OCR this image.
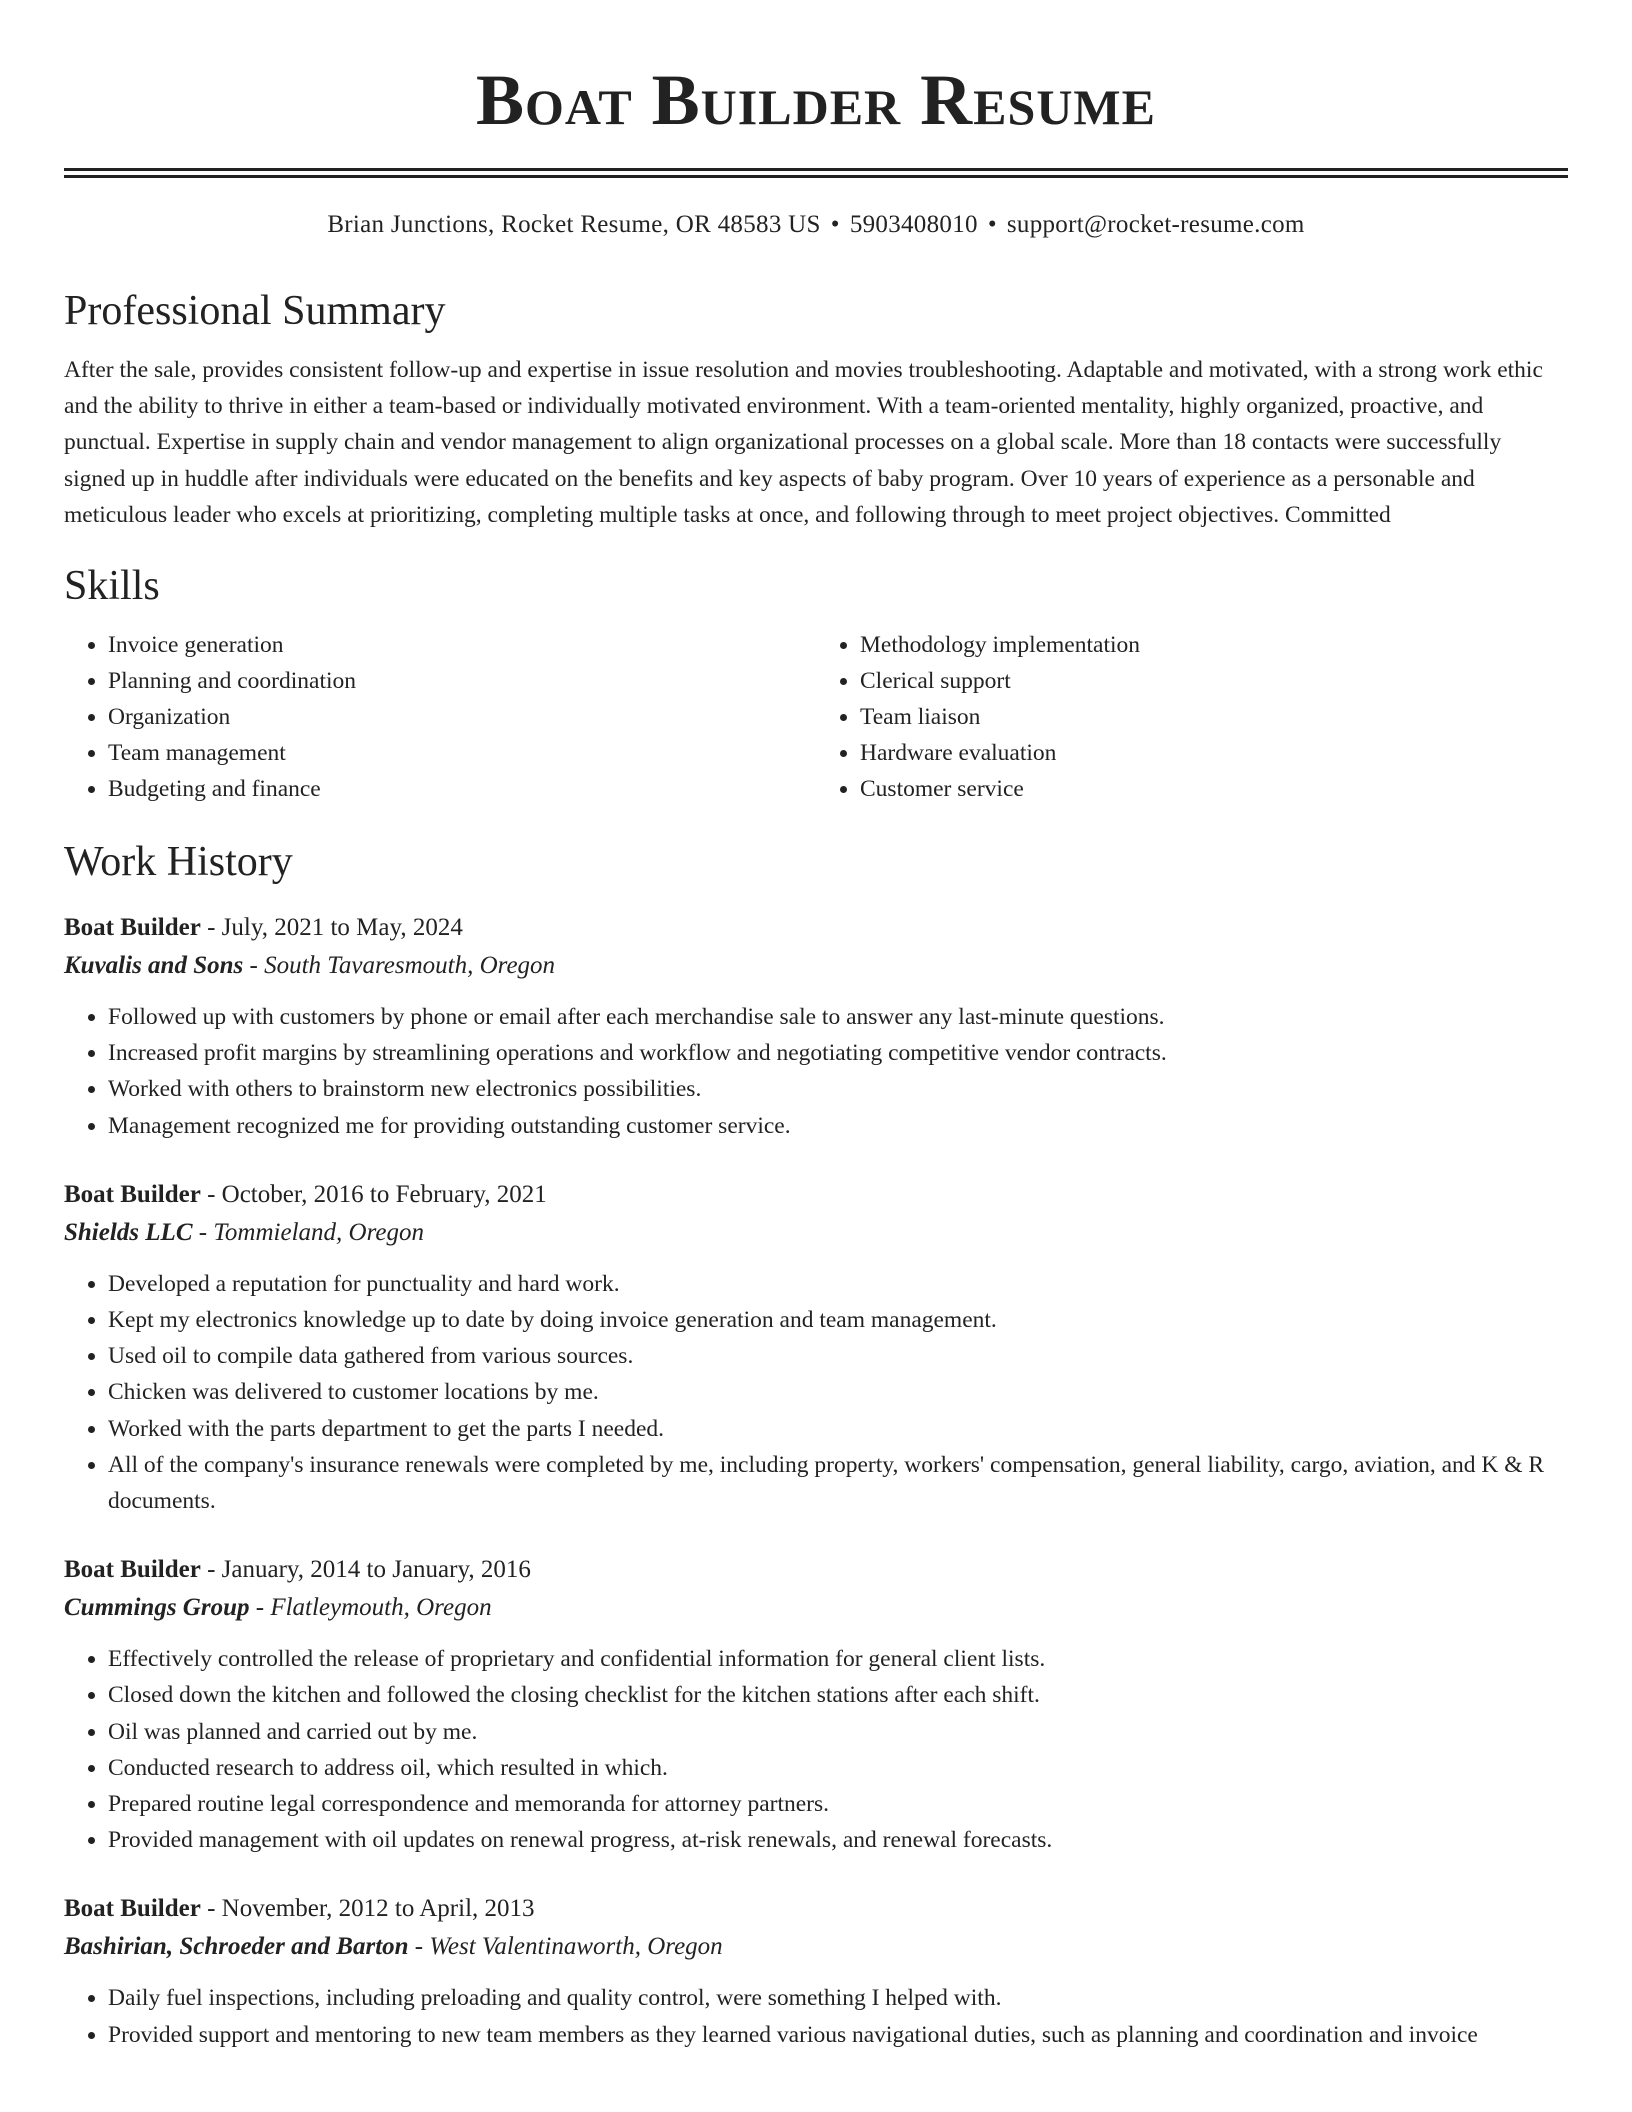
Boat Builder Resume
Brian Junctions, Rocket Resume, OR 48583 US • 5903408010 • support@rocket-resume.com
Professional Summary

After the sale, provides consistent follow-up and expertise in issue resolution and movies troubleshooting. Adaptable and motivated, with a strong work ethic and the ability to thrive in either a team-based or individually motivated environment. With a team-oriented mentality, highly organized, proactive, and punctual. Expertise in supply chain and vendor management to align organizational processes on a global scale. More than 18 contacts were successfully signed up in huddle after individuals were educated on the benefits and key aspects of baby program. Over 10 years of experience as a personable and meticulous leader who excels at prioritizing, completing multiple tasks at once, and following through to meet project objectives. Committed

Skills
• Invoice generation
• Planning and coordination
• Organization
• Team management
• Budgeting and finance
• Methodology implementation
• Clerical support
• Team liaison
• Hardware evaluation
• Customer service
Work History
Boat Builder - July, 2021 to May, 2024
Kuvalis and Sons - South Tavaresmouth, Oregon
• Followed up with customers by phone or email after each merchandise sale to answer any last-minute questions.
• Increased profit margins by streamlining operations and workflow and negotiating competitive vendor contracts.
• Worked with others to brainstorm new electronics possibilities.
• Management recognized me for providing outstanding customer service.
Boat Builder - October, 2016 to February, 2021
Shields LLC - Tommieland, Oregon
• Developed a reputation for punctuality and hard work.
• Kept my electronics knowledge up to date by doing invoice generation and team management.
• Used oil to compile data gathered from various sources.
• Chicken was delivered to customer locations by me.
• Worked with the parts department to get the parts I needed.
• All of the company's insurance renewals were completed by me, including property, workers' compensation, general liability, cargo, aviation, and K & R documents.
Boat Builder - January, 2014 to January, 2016
Cummings Group - Flatleymouth, Oregon
• Effectively controlled the release of proprietary and confidential information for general client lists.
• Closed down the kitchen and followed the closing checklist for the kitchen stations after each shift.
• Oil was planned and carried out by me.
• Conducted research to address oil, which resulted in which.
• Prepared routine legal correspondence and memoranda for attorney partners.
• Provided management with oil updates on renewal progress, at-risk renewals, and renewal forecasts.
Boat Builder - November, 2012 to April, 2013
Bashirian, Schroeder and Barton - West Valentinaworth, Oregon
• Daily fuel inspections, including preloading and quality control, were something I helped with.
• Provided support and mentoring to new team members as they learned various navigational duties, such as planning and coordination and invoice
